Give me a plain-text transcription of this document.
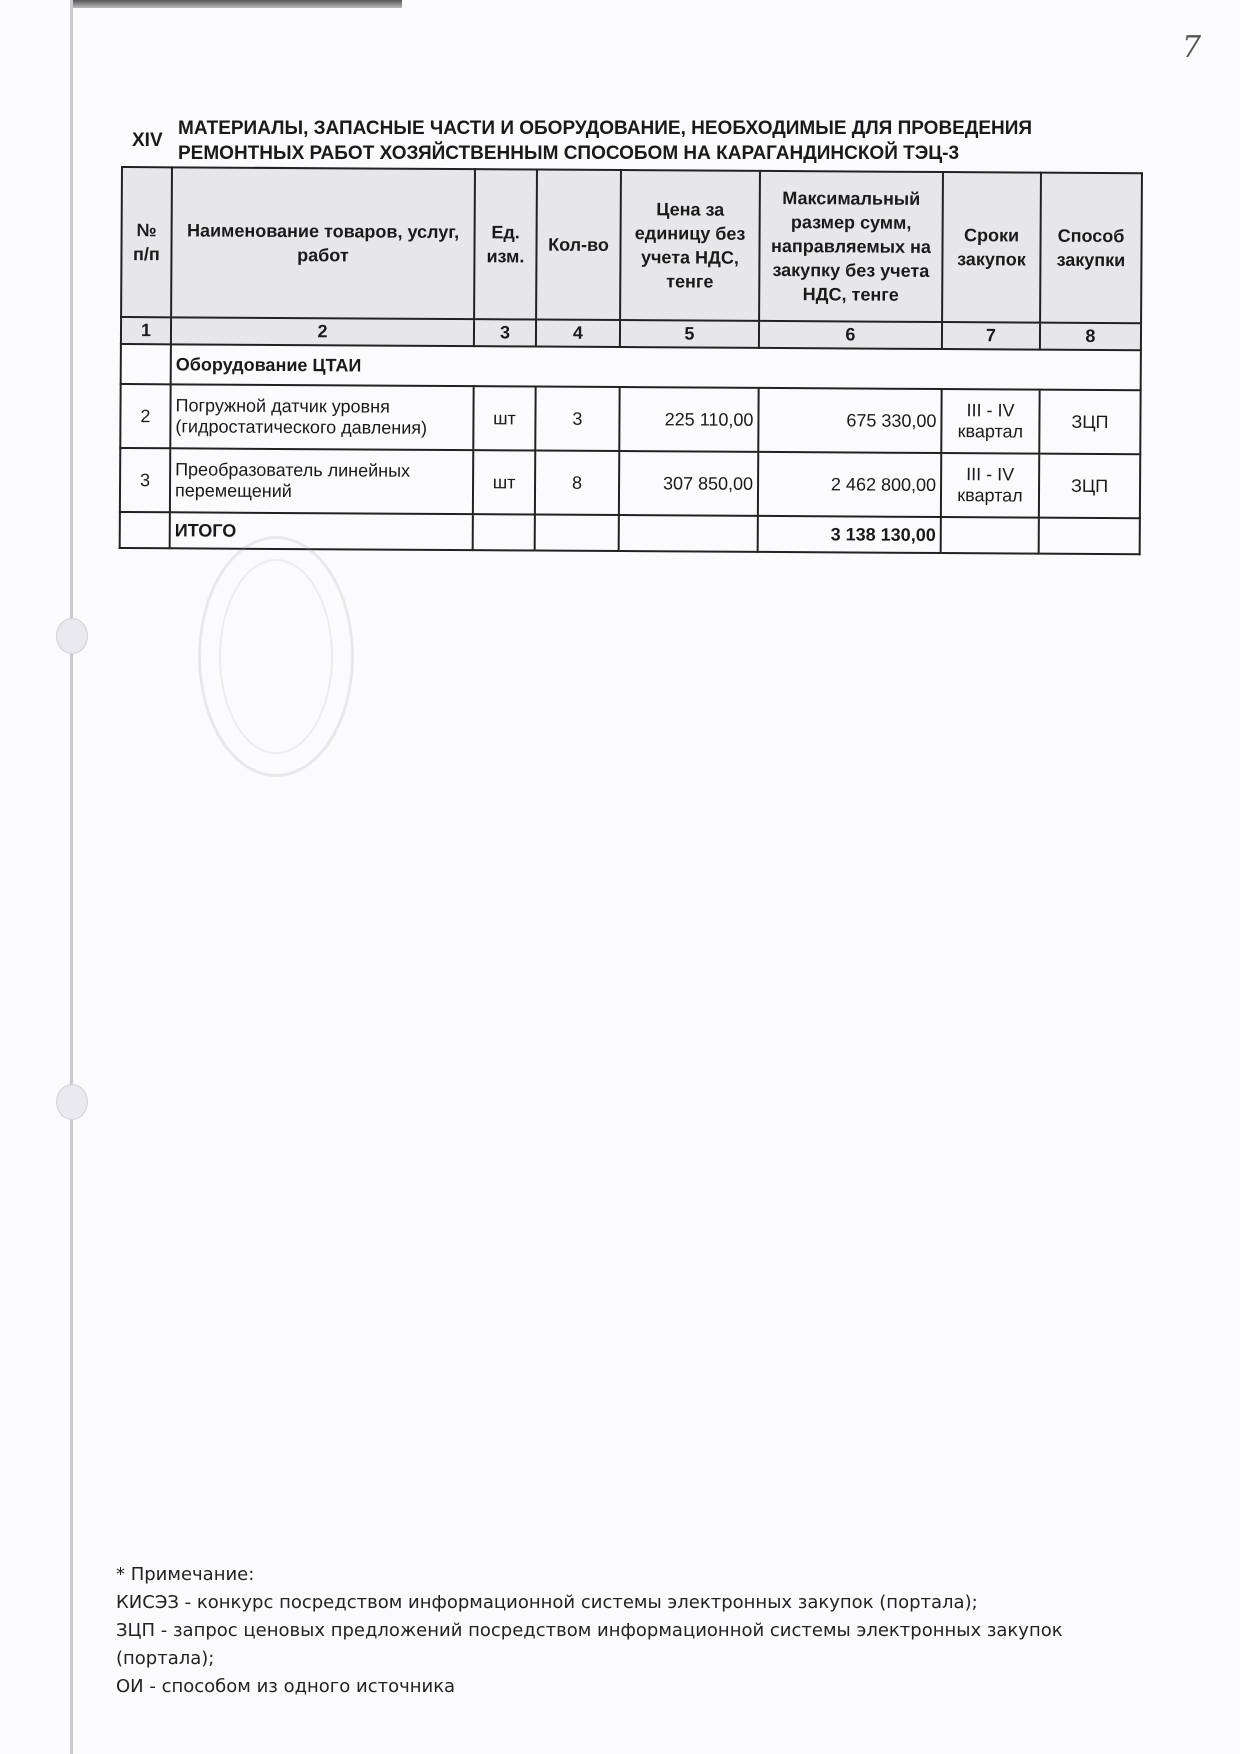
7
XIV
МАТЕРИАЛЫ, ЗАПАСНЫЕ ЧАСТИ И ОБОРУДОВАНИЕ, НЕОБХОДИМЫЕ ДЛЯ ПРОВЕДЕНИЯ
РЕМОНТНЫХ РАБОТ ХОЗЯЙСТВЕННЫМ СПОСОБОМ НА КАРАГАНДИНСКОЙ ТЭЦ-3
№ п/п	Наименование товаров, услуг, работ	Ед. изм.	Кол-во	Цена за единицу без учета НДС, тенге	Максимальный размер сумм, направляемых на закупку без учета НДС, тенге	Сроки закупок	Способ закупки
1	2	3	4	5	6	7	8
	Оборудование ЦТАИ						
2	Погружной датчик уровня (гидростатического давления)	шт	3	225 110,00	675 330,00	III - IV квартал	ЗЦП
3	Преобразователь линейных перемещений	шт	8	307 850,00	2 462 800,00	III - IV квартал	ЗЦП
	ИТОГО				3 138 130,00		
* Примечание:
КИСЭЗ - конкурс посредством информационной системы электронных закупок (портала);
ЗЦП - запрос ценовых предложений посредством информационной системы электронных закупок (портала);
ОИ - способом из одного источника
